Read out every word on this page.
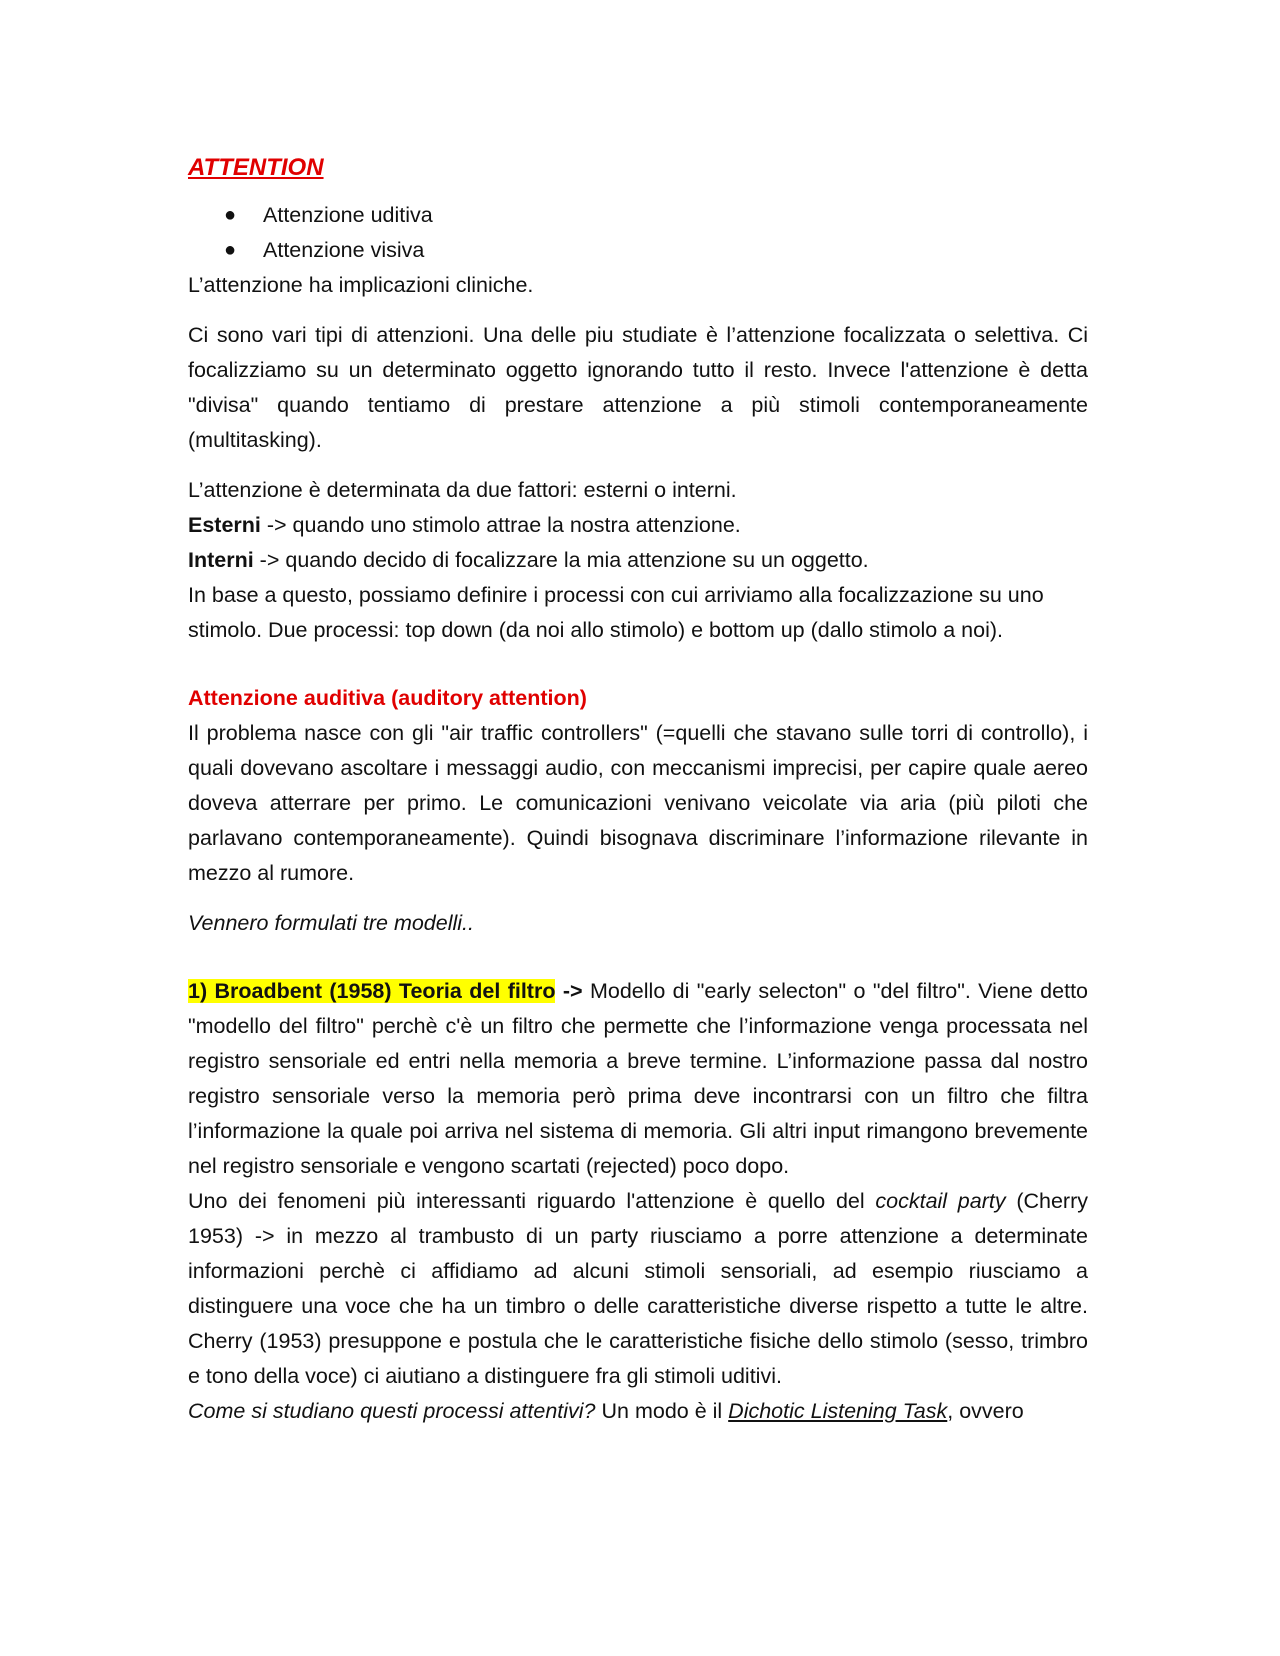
ATTENTION
● Attenzione uditiva
● Attenzione visiva

L’attenzione ha implicazioni cliniche.

Ci sono vari tipi di attenzioni. Una delle piu studiate è l’attenzione focalizzata o selettiva. Ci focalizziamo su un determinato oggetto ignorando tutto il resto. Invece l'attenzione è detta "divisa" quando tentiamo di prestare attenzione a più stimoli contemporaneamente (multitasking).

L’attenzione è determinata da due fattori: esterni o interni.

Esterni -> quando uno stimolo attrae la nostra attenzione.

Interni -> quando decido di focalizzare la mia attenzione su un oggetto.

In base a questo, possiamo definire i processi con cui arriviamo alla focalizzazione su uno stimolo. Due processi: top down (da noi allo stimolo) e bottom up (dallo stimolo a noi).

Attenzione auditiva (auditory attention)

Il problema nasce con gli "air traffic controllers" (=quelli che stavano sulle torri di controllo), i quali dovevano ascoltare i messaggi audio, con meccanismi imprecisi, per capire quale aereo doveva atterrare per primo. Le comunicazioni venivano veicolate via aria (più piloti che parlavano contemporaneamente). Quindi bisognava discriminare l’informazione rilevante in mezzo al rumore.

Vennero formulati tre modelli..

1) Broadbent (1958) Teoria del filtro -> Modello di "early selecton" o "del filtro". Viene detto "modello del filtro" perchè c'è un filtro che permette che l’informazione venga processata nel registro sensoriale ed entri nella memoria a breve termine. L’informazione passa dal nostro registro sensoriale verso la memoria però prima deve incontrarsi con un filtro che filtra l’informazione la quale poi arriva nel sistema di memoria. Gli altri input rimangono brevemente nel registro sensoriale e vengono scartati (rejected) poco dopo.

Uno dei fenomeni più interessanti riguardo l'attenzione è quello del cocktail party (Cherry 1953) -> in mezzo al trambusto di un party riusciamo a porre attenzione a determinate informazioni perchè ci affidiamo ad alcuni stimoli sensoriali, ad esempio riusciamo a distinguere una voce che ha un timbro o delle caratteristiche diverse rispetto a tutte le altre. Cherry (1953) presuppone e postula che le caratteristiche fisiche dello stimolo (sesso, trimbro e tono della voce) ci aiutiano a distinguere fra gli stimoli uditivi.

Come si studiano questi processi attentivi? Un modo è il Dichotic Listening Task, ovvero
